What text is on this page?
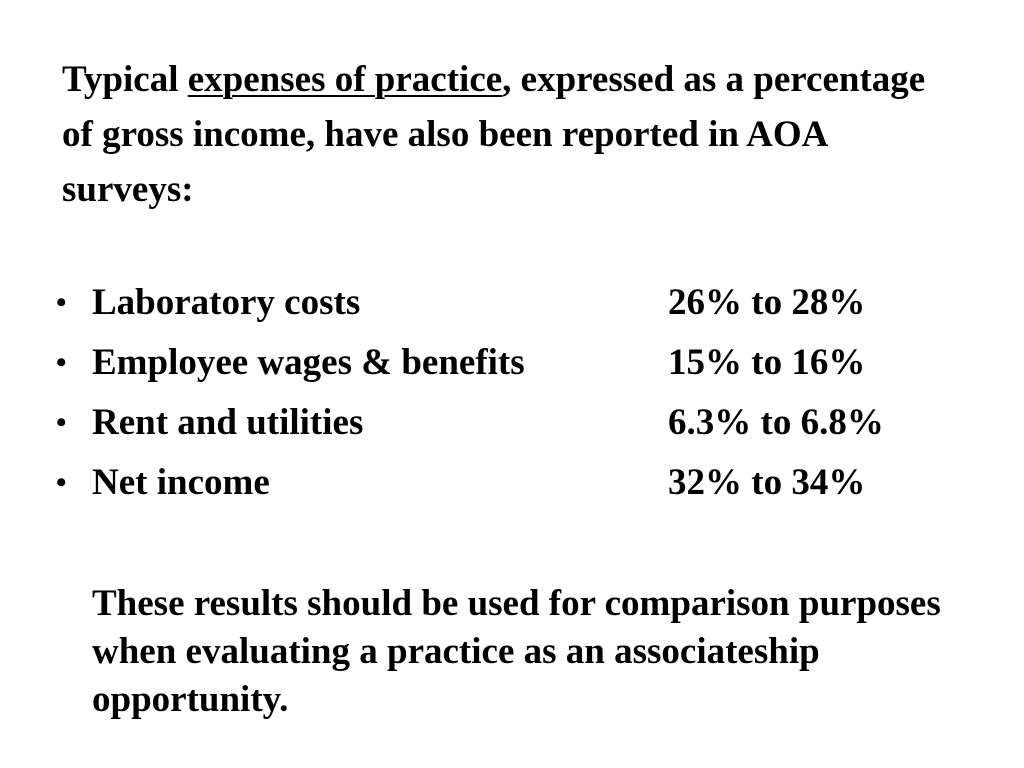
Typical expenses of practice, expressed as a percentage of gross income, have also been reported in AOA surveys:

• Laboratory costs	26% to 28%
• Employee wages & benefits	15% to 16%
• Rent and utilities	6.3% to 6.8%
• Net income	32% to 34%

These results should be used for comparison purposes when evaluating a practice as an associateship opportunity.
